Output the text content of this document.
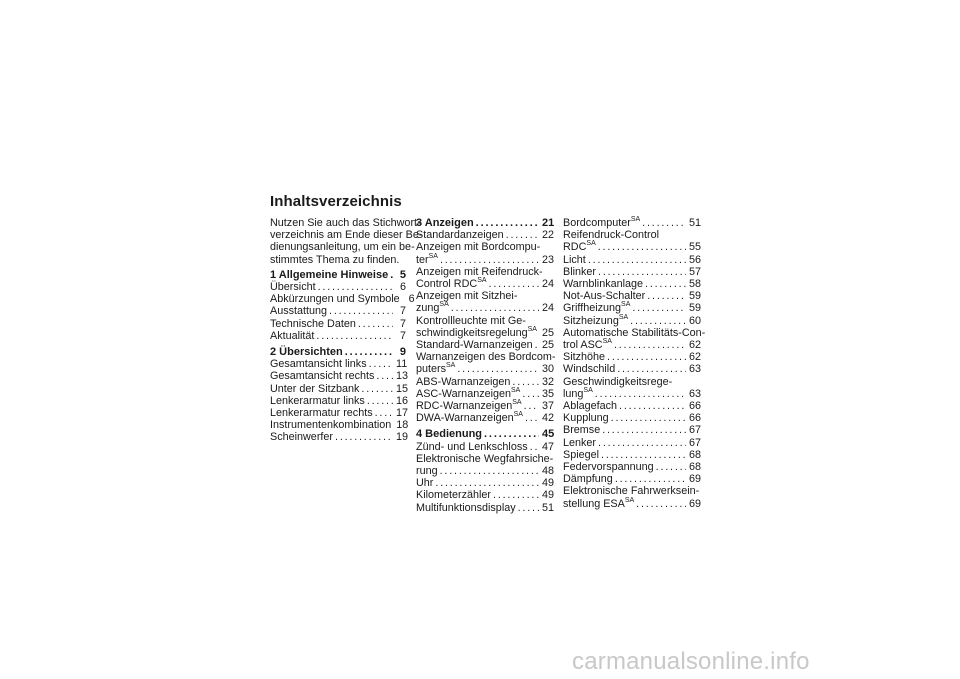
Inhaltsverzeichnis
Nutzen Sie auch das Stichwort-
verzeichnis am Ende dieser Be-
dienungsanleitung, um ein be-
stimmtes Thema zu finden.
1 Allgemeine Hinweise . . .	5
Übersicht . . .	6
Abkürzungen und Symbole 6
Ausstattung . . .	7
Technische Daten . . .	7
Aktualität . . .	7
2 Übersichten . . .	9
Gesamtansicht links . . .	11
Gesamtansicht rechts . . . 13
Unter der Sitzbank . . .	15
Lenkerarmatur links . . .	16
Lenkerarmatur rechts . . . 17
Instrumentenkombination 18
Scheinwerfer . . .	19
3 Anzeigen . . .	21
Standardanzeigen . . .	22
Anzeigen mit Bordcompu-
ter$^{SA}$ . . .	23
Anzeigen mit Reifendruck-
Control $RDC^{SA}$ . . .	24
Anzeigen mit Sitzhei-
zung$^{SA}$ . . .	24
Kontrollleuchte mit Ge-
schwindigkeitsregelung$^{SA}$ . . . 25
Standard-Warnanzeigen . . . 25
Warnanzeigen des Bordcom-
puters$^{SA}$ . . .	30
ABS-Warnanzeigen . . .	32
ASC-Warnanzeigen$^{SA}$ . . . 35
RDC-Warnanzeigen$^{SA}$ . . . 37
DWA-Warnanzeigen$^{SA}$ . . . 42
4 Bedienung . . .	45
Zünd- und Lenkschloss . . . 47
Elektronische Wegfahrsiche-
rung . . .	48
Uhr . . .	49
Kilometerzähler . . .	49
Multifunktionsdisplay . . . 51
Bordcomputer$^{SA}$ . . .	51
Reifendruck-Control
$RDC^{SA}$ . . .	55
Licht . . .	56
Blinker . . .	57
Warnblinkanlage . . .	58
Not-Aus-Schalter . . .	59
Griffheizung$^{SA}$ . . .	59
Sitzheizung$^{SA}$ . . .	60
Automatische Stabilitäts-Con-
trol $ASC^{SA}$ . . .	62
Sitzhöhe . . .	62
Windschild . . .	63
Geschwindigkeitsrege-
lung$^{SA}$ . . .	63
Ablagefach . . .	66
Kupplung . . .	66
Bremse . . .	67
Lenker . . .	67
Spiegel . . .	68
Federvorspannung . . .	68
Dämpfung . . .	69
Elektronische Fahrwerksein-
stellung $ESA^{SA}$ . . .	69
carmanualsonline.info
